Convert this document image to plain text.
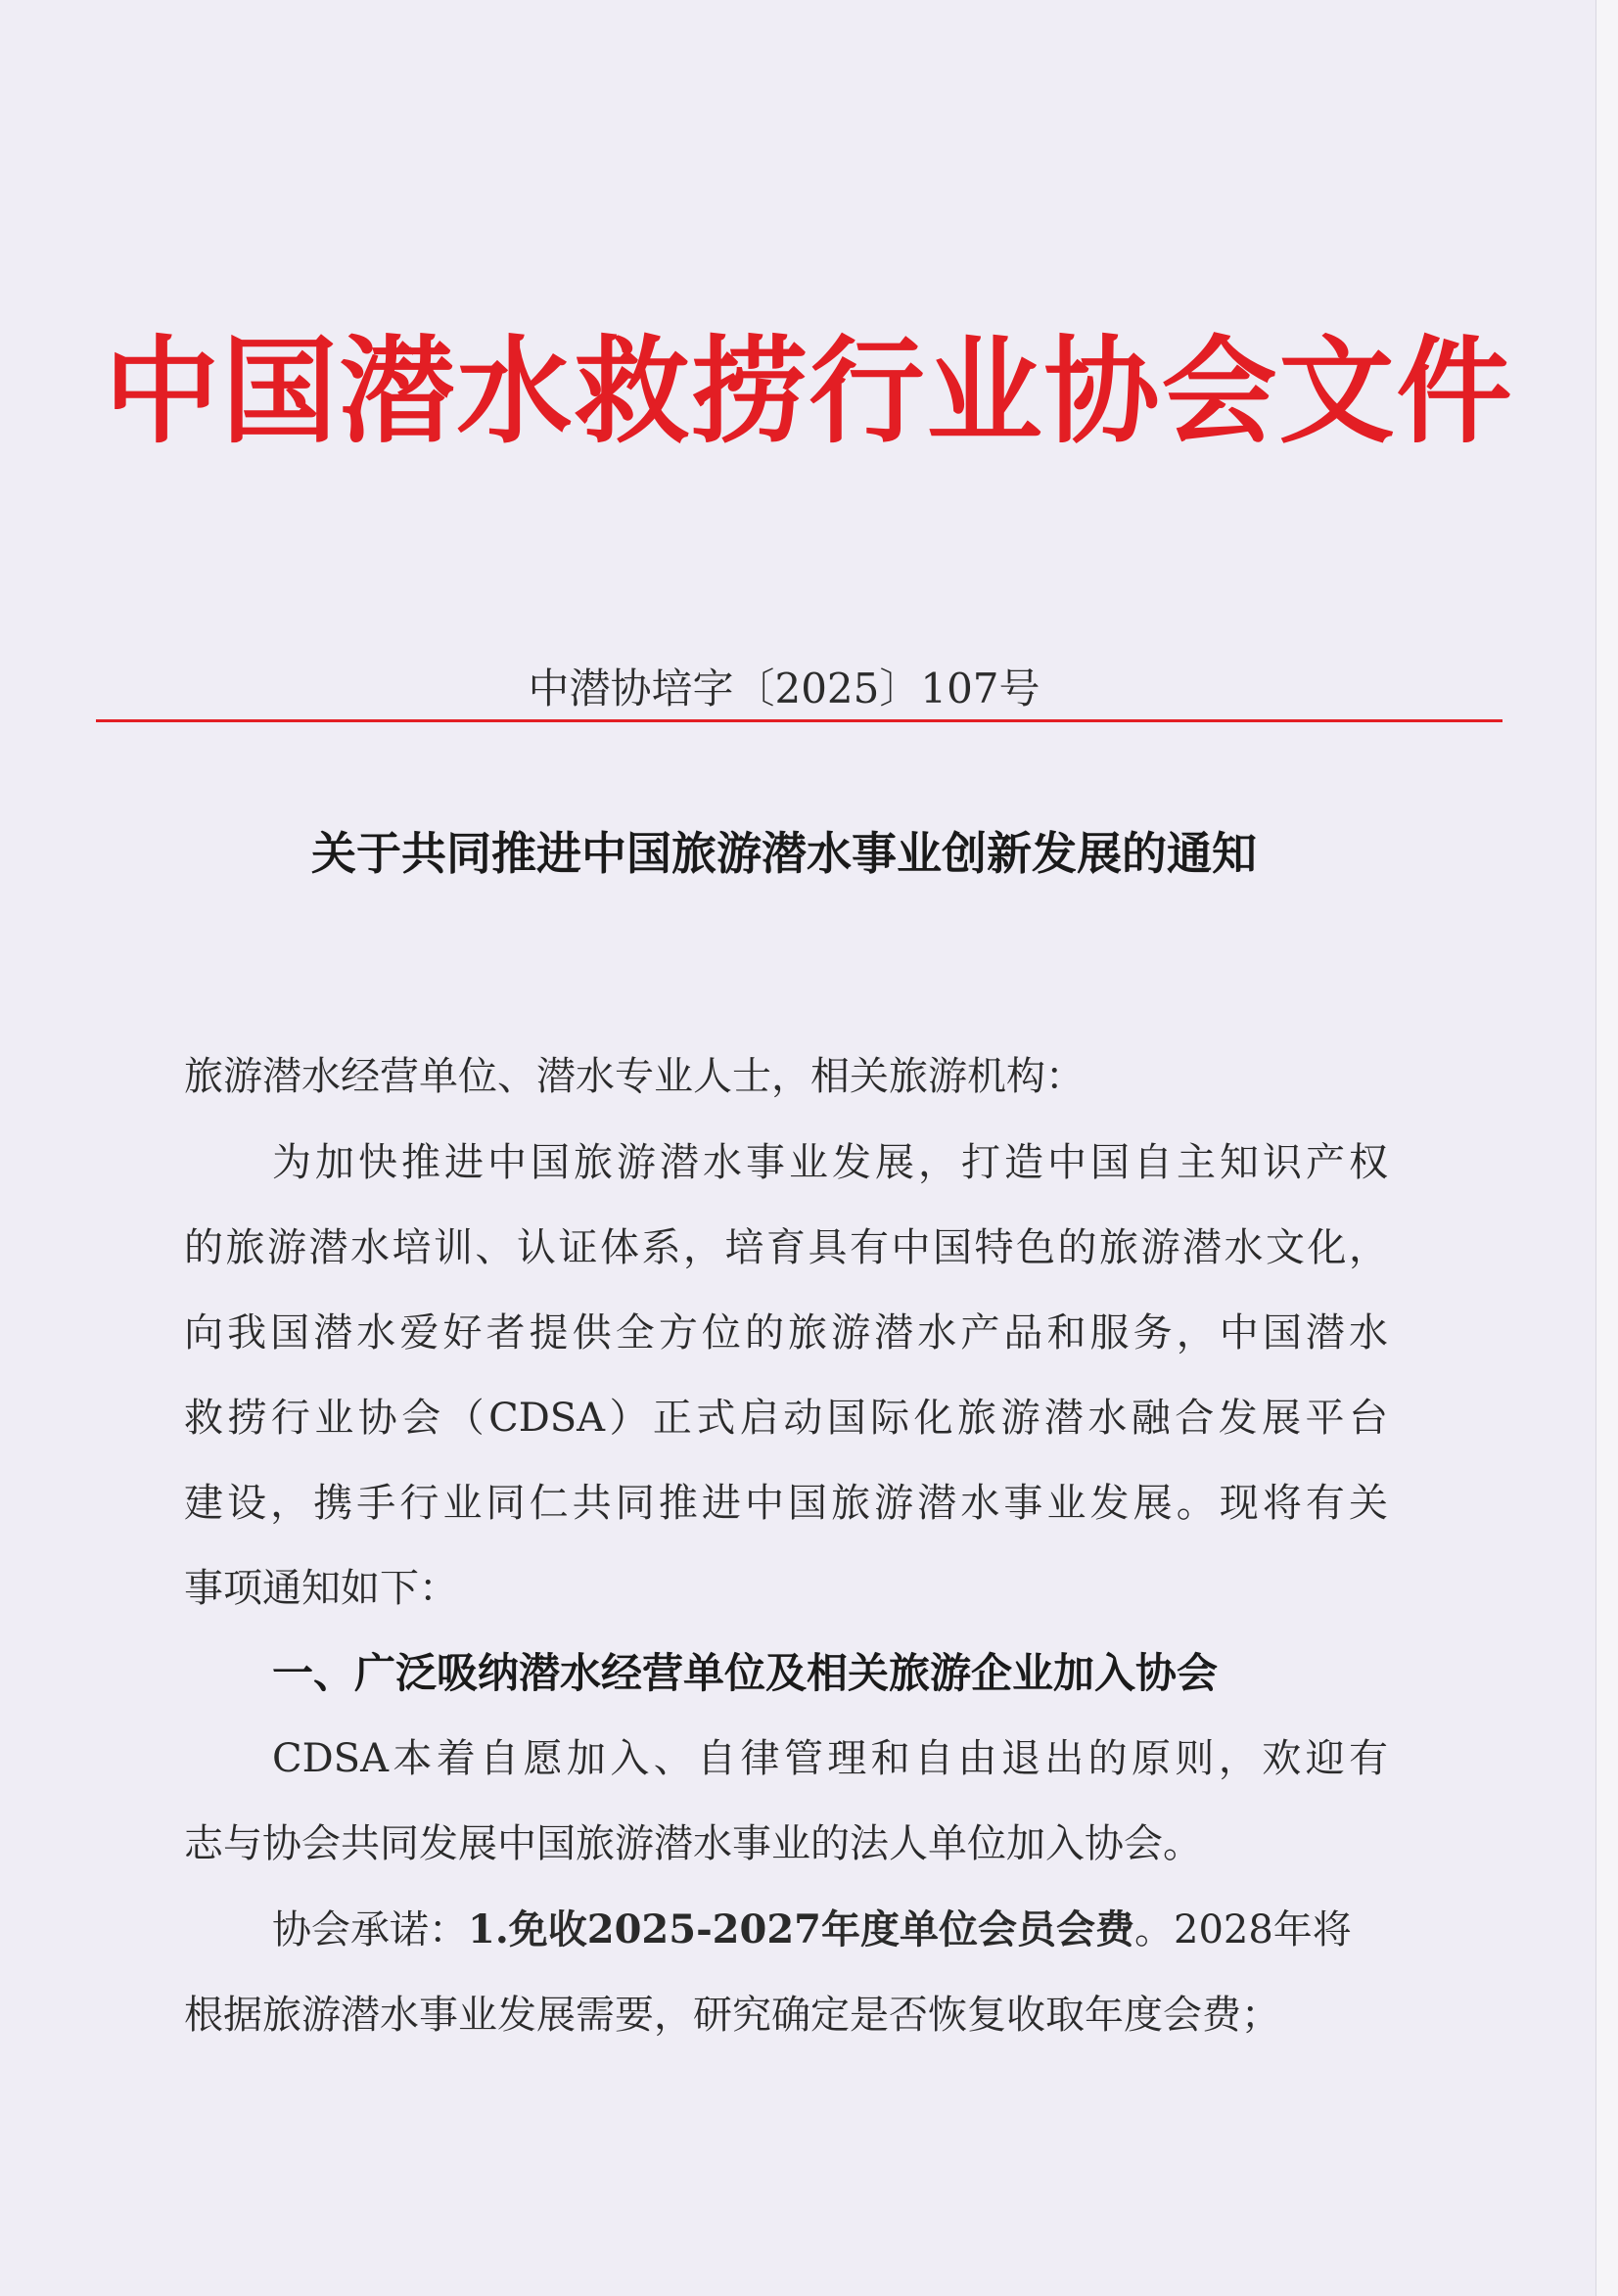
中国潜水救捞行业协会文件
中潜协培字〔2025〕107号
关于共同推进中国旅游潜水事业创新发展的通知
旅游潜水经营单位、潜水专业人士，相关旅游机构：
为加快推进中国旅游潜水事业发展，打造中国自主知识产权
的旅游潜水培训、认证体系，培育具有中国特色的旅游潜水文化，
向我国潜水爱好者提供全方位的旅游潜水产品和服务，中国潜水
救捞行业协会（CDSA）正式启动国际化旅游潜水融合发展平台
建设，携手行业同仁共同推进中国旅游潜水事业发展。现将有关
事项通知如下：
一、广泛吸纳潜水经营单位及相关旅游企业加入协会
CDSA本着自愿加入、自律管理和自由退出的原则，欢迎有
志与协会共同发展中国旅游潜水事业的法人单位加入协会。
协会承诺：1.免收2025-2027年度单位会员会费。2028年将
根据旅游潜水事业发展需要，研究确定是否恢复收取年度会费；
